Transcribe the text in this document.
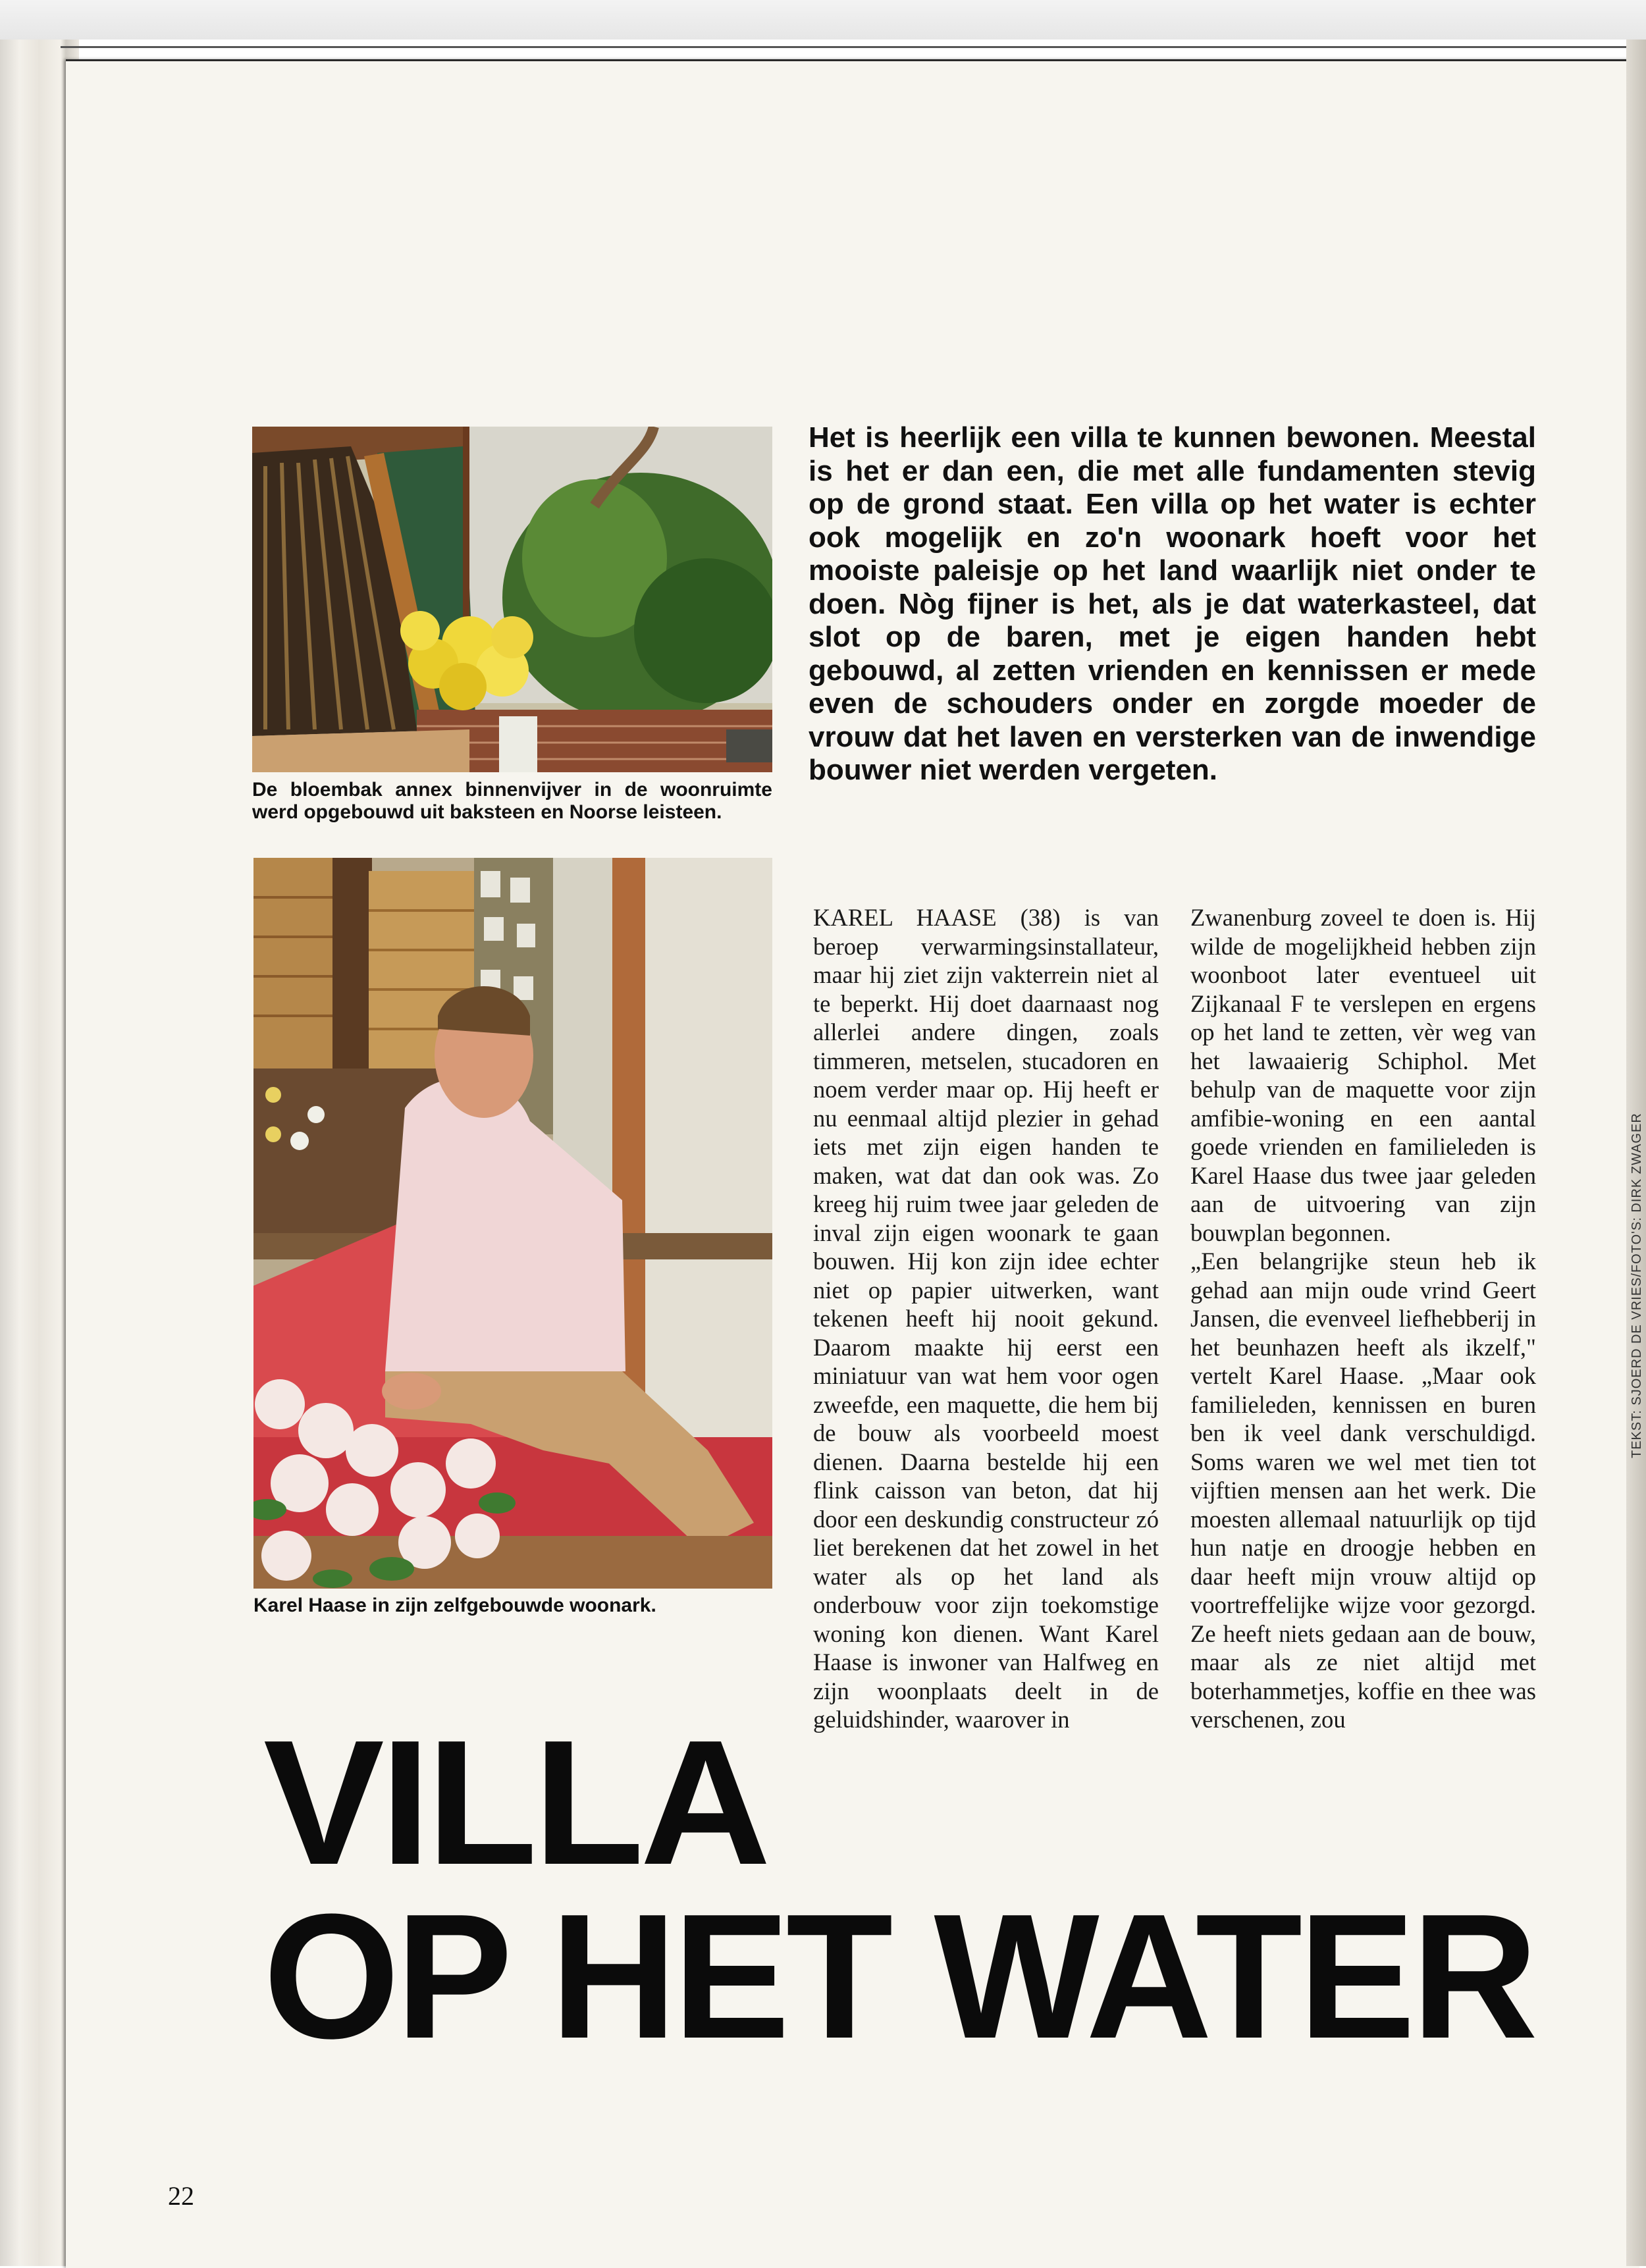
De bloembak annex binnenvijver in de woonruimte werd opgebouwd uit baksteen en Noorse leisteen.
Karel Haase in zijn zelfgebouwde woonark.

Het is heerlijk een villa te kunnen bewonen. Meestal is het er dan een, die met alle fundamenten stevig op de grond staat. Een villa op het water is echter ook mogelijk en zo'n woonark hoeft voor het mooiste paleisje op het land waarlijk niet onder te doen. Nòg fijner is het, als je dat waterkasteel, dat slot op de baren, met je eigen handen hebt gebouwd, al zetten vrienden en kennissen er mede even de schouders onder en zorgde moeder de vrouw dat het laven en versterken van de inwendige bouwer niet werden vergeten.

KAREL HAASE (38) is van beroep verwarmingsinstallateur, maar hij ziet zijn vakterrein niet al te beperkt. Hij doet daarnaast nog allerlei andere dingen, zoals timmeren, metselen, stucadoren en noem verder maar op. Hij heeft er nu eenmaal altijd plezier in gehad iets met zijn eigen handen te maken, wat dat dan ook was. Zo kreeg hij ruim twee jaar geleden de inval zijn eigen woonark te gaan bouwen. Hij kon zijn idee echter niet op papier uitwerken, want tekenen heeft hij nooit gekund. Daarom maakte hij eerst een miniatuur van wat hem voor ogen zweefde, een maquette, die hem bij de bouw als voorbeeld moest dienen. Daarna bestelde hij een flink caisson van beton, dat hij door een deskundig constructeur zó liet berekenen dat het zowel in het water als op het land als onderbouw voor zijn toekomstige woning kon dienen. Want Karel Haase is inwoner van Halfweg en zijn woonplaats deelt in de geluidshinder, waarover in

Zwanenburg zoveel te doen is. Hij wilde de mogelijkheid hebben zijn woonboot later eventueel uit Zijkanaal F te verslepen en ergens op het land te zetten, vèr weg van het lawaaierig Schiphol. Met behulp van de maquette voor zijn amfibie-woning en een aantal goede vrienden en familieleden is Karel Haase dus twee jaar geleden aan de uitvoering van zijn bouwplan begonnen.

„Een belangrijke steun heb ik gehad aan mijn oude vrind Geert Jansen, die evenveel liefhebberij in het beunhazen heeft als ikzelf," vertelt Karel Haase. „Maar ook familieleden, kennissen en buren ben ik veel dank verschuldigd. Soms waren we wel met tien tot vijftien mensen aan het werk. Die moesten allemaal natuurlijk op tijd hun natje en droogje hebben en daar heeft mijn vrouw altijd op voortreffelijke wijze voor gezorgd. Ze heeft niets gedaan aan de bouw, maar als ze niet altijd met boterhammetjes, koffie en thee was verschenen, zou

VILLA
OP HET WATER
TEKST: SJOERD DE VRIES/FOTO'S: DIRK ZWAGER
22
